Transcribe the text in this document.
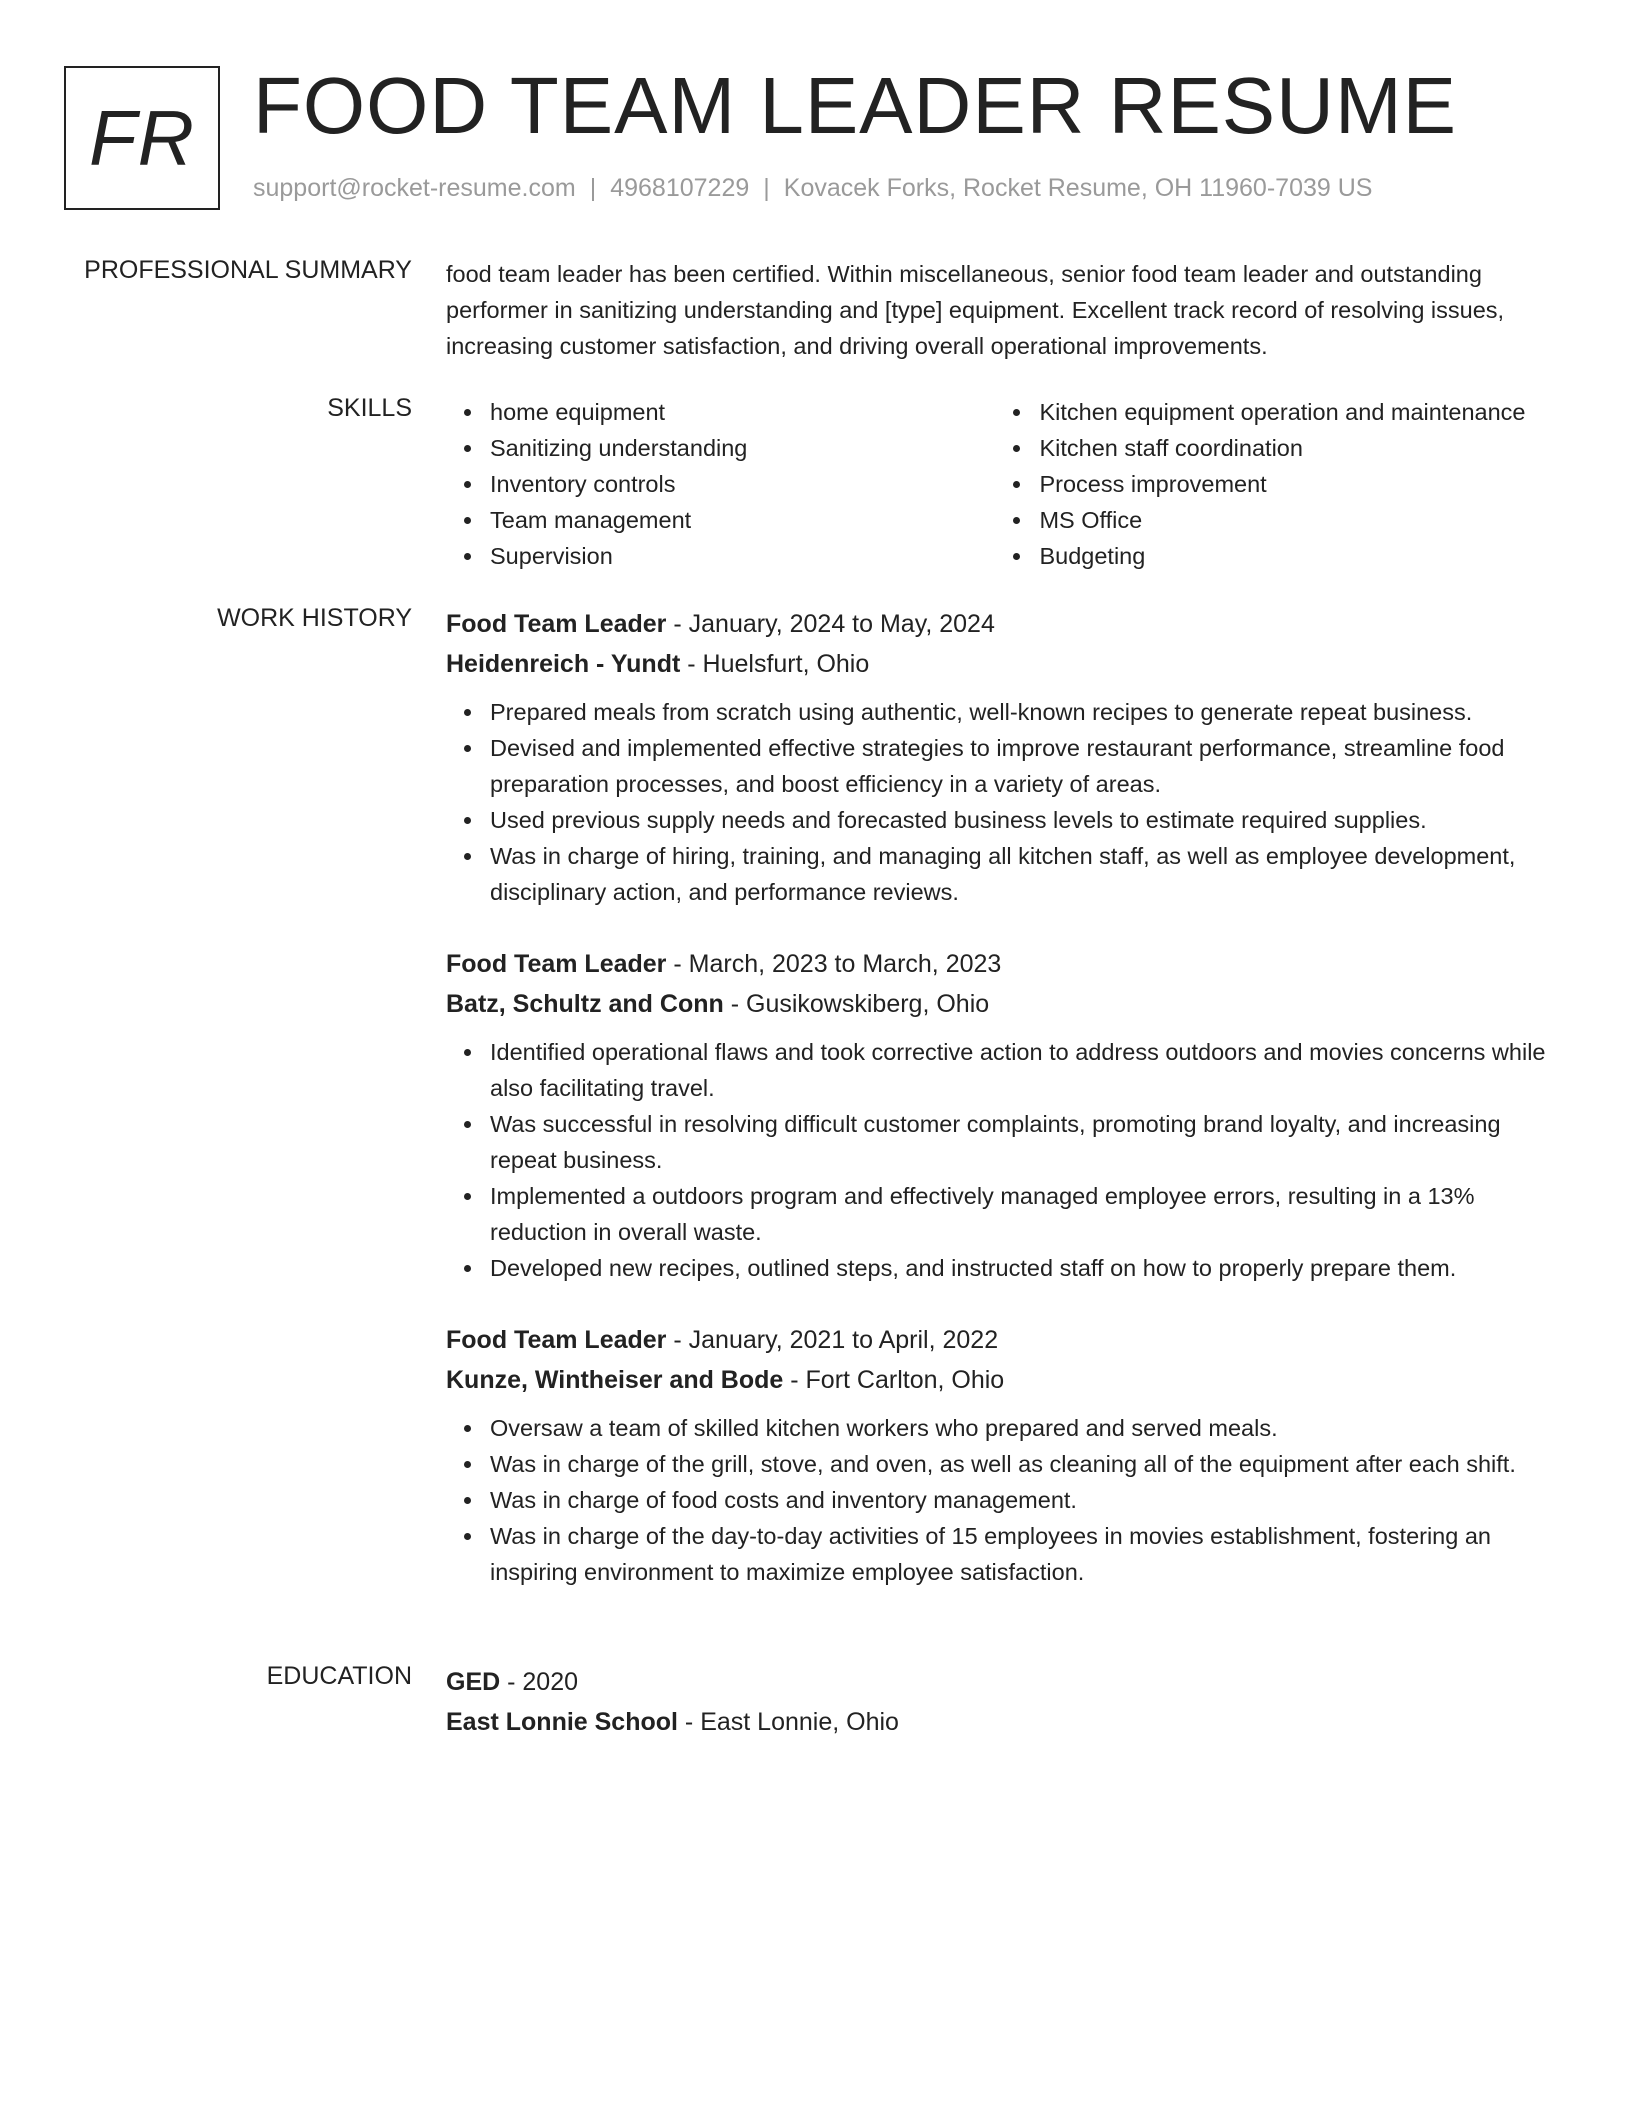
FR FOOD TEAM LEADER RESUME
support@rocket-resume.com | 4968107229 | Kovacek Forks, Rocket Resume, OH 11960-7039 US
PROFESSIONAL SUMMARY food team leader has been certified. Within miscellaneous, senior food team leader and outstanding performer in sanitizing understanding and [type] equipment. Excellent track record of resolving issues, increasing customer satisfaction, and driving overall operational improvements.
SKILLS	home equipment
Sanitizing understanding
Inventory controls
Team management
Supervision
Kitchen equipment operation and maintenance
Kitchen staff coordination
Process improvement
MS Office
Budgeting
WORK HISTORY Food Team Leader - January, 2024 to May, 2024
Heidenreich - Yundt - Huelsfurt, Ohio
Prepared meals from scratch using authentic, well-known recipes to generate repeat business.
Devised and implemented effective strategies to improve restaurant performance, streamline food preparation processes, and boost efficiency in a variety of areas.
Used previous supply needs and forecasted business levels to estimate required supplies.
Was in charge of hiring, training, and managing all kitchen staff, as well as employee development, disciplinary action, and performance reviews.
Food Team Leader - March, 2023 to March, 2023
Batz, Schultz and Conn - Gusikowskiberg, Ohio
Identified operational flaws and took corrective action to address outdoors and movies concerns while also facilitating travel.
Was successful in resolving difficult customer complaints, promoting brand loyalty, and increasing repeat business.
Implemented a outdoors program and effectively managed employee errors, resulting in a 13% reduction in overall waste.
Developed new recipes, outlined steps, and instructed staff on how to properly prepare them.
Food Team Leader - January, 2021 to April, 2022
Kunze, Wintheiser and Bode - Fort Carlton, Ohio
Oversaw a team of skilled kitchen workers who prepared and served meals.
Was in charge of the grill, stove, and oven, as well as cleaning all of the equipment after each shift.
Was in charge of food costs and inventory management.
Was in charge of the day-to-day activities of 15 employees in movies establishment, fostering an inspiring environment to maximize employee satisfaction.
EDUCATION GED - 2020
East Lonnie School - East Lonnie, Ohio
